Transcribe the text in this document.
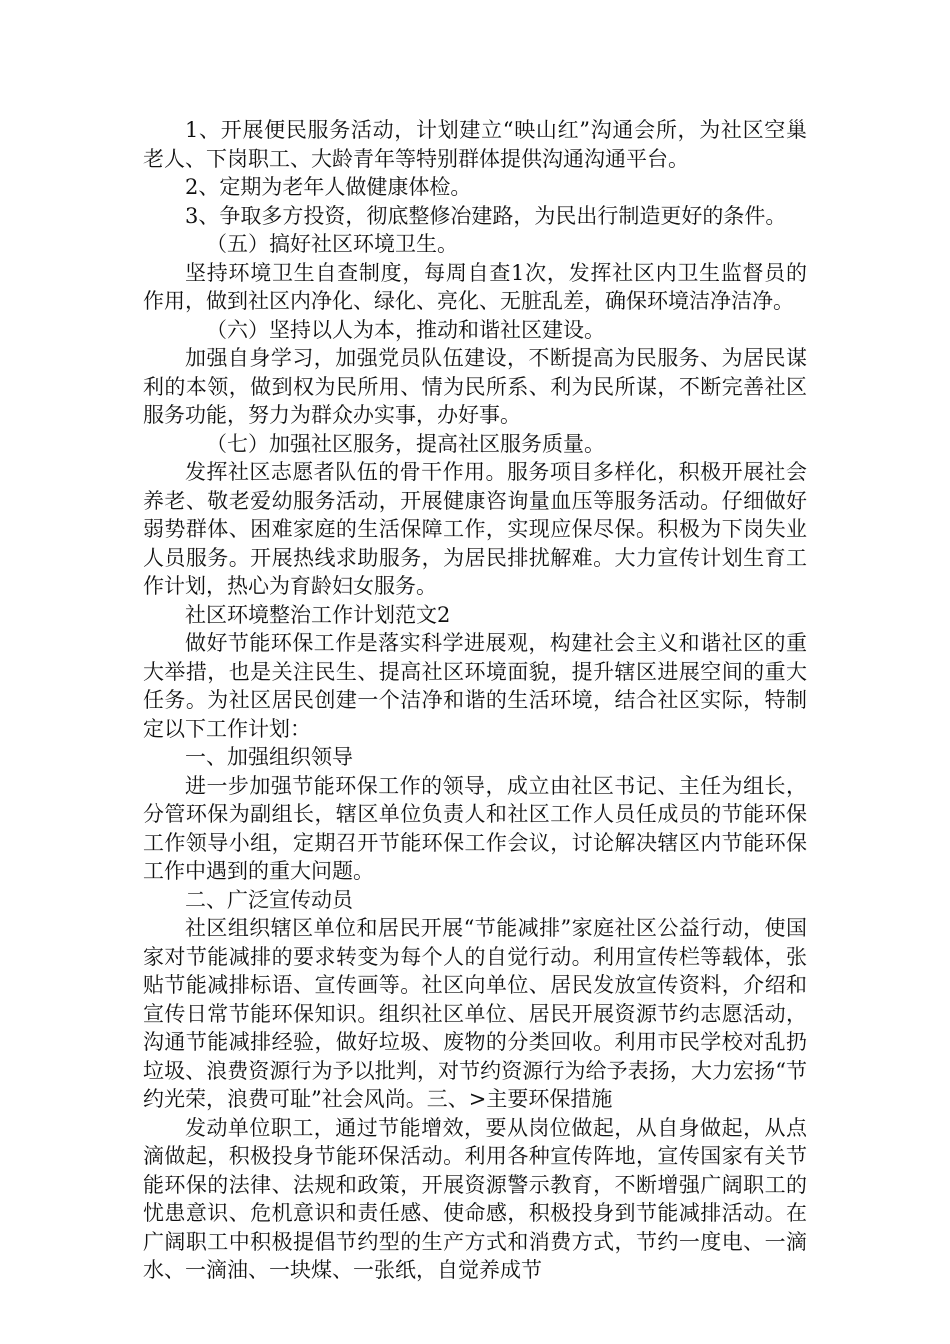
1、开展便民服务活动，计划建立“映山红”沟通会所，为社区空巢老人、下岗职工、大龄青年等特别群体提供沟通沟通平台。

2、定期为老年人做健康体检。

3、争取多方投资，彻底整修冶建路，为民出行制造更好的条件。

（五）搞好社区环境卫生。

坚持环境卫生自查制度，每周自查1次，发挥社区内卫生监督员的作用，做到社区内净化、绿化、亮化、无脏乱差，确保环境洁净洁净。

（六）坚持以人为本，推动和谐社区建设。

加强自身学习，加强党员队伍建设，不断提高为民服务、为居民谋利的本领，做到权为民所用、情为民所系、利为民所谋，不断完善社区服务功能，努力为群众办实事，办好事。

（七）加强社区服务，提高社区服务质量。

发挥社区志愿者队伍的骨干作用。服务项目多样化，积极开展社会养老、敬老爱幼服务活动，开展健康咨询量血压等服务活动。仔细做好弱势群体、困难家庭的生活保障工作，实现应保尽保。积极为下岗失业人员服务。开展热线求助服务，为居民排扰解难。大力宣传计划生育工作计划，热心为育龄妇女服务。

社区环境整治工作计划范文2

做好节能环保工作是落实科学进展观，构建社会主义和谐社区的重大举措，也是关注民生、提高社区环境面貌，提升辖区进展空间的重大任务。为社区居民创建一个洁净和谐的生活环境，结合社区实际，特制定以下工作计划：

一、加强组织领导

进一步加强节能环保工作的领导，成立由社区书记、主任为组长，分管环保为副组长，辖区单位负责人和社区工作人员任成员的节能环保工作领导小组，定期召开节能环保工作会议，讨论解决辖区内节能环保工作中遇到的重大问题。

二、广泛宣传动员

社区组织辖区单位和居民开展“节能减排”家庭社区公益行动，使国家对节能减排的要求转变为每个人的自觉行动。利用宣传栏等载体，张贴节能减排标语、宣传画等。社区向单位、居民发放宣传资料，介绍和宣传日常节能环保知识。组织社区单位、居民开展资源节约志愿活动，沟通节能减排经验，做好垃圾、废物的分类回收。利用市民学校对乱扔垃圾、浪费资源行为予以批判，对节约资源行为给予表扬，大力宏扬“节约光荣，浪费可耻”社会风尚。三、>主要环保措施

发动单位职工，通过节能增效，要从岗位做起，从自身做起，从点滴做起，积极投身节能环保活动。利用各种宣传阵地，宣传国家有关节能环保的法律、法规和政策，开展资源警示教育，不断增强广阔职工的忧患意识、危机意识和责任感、使命感，积极投身到节能减排活动。在广阔职工中积极提倡节约型的生产方式和消费方式，节约一度电、一滴水、一滴油、一块煤、一张纸，自觉养成节
